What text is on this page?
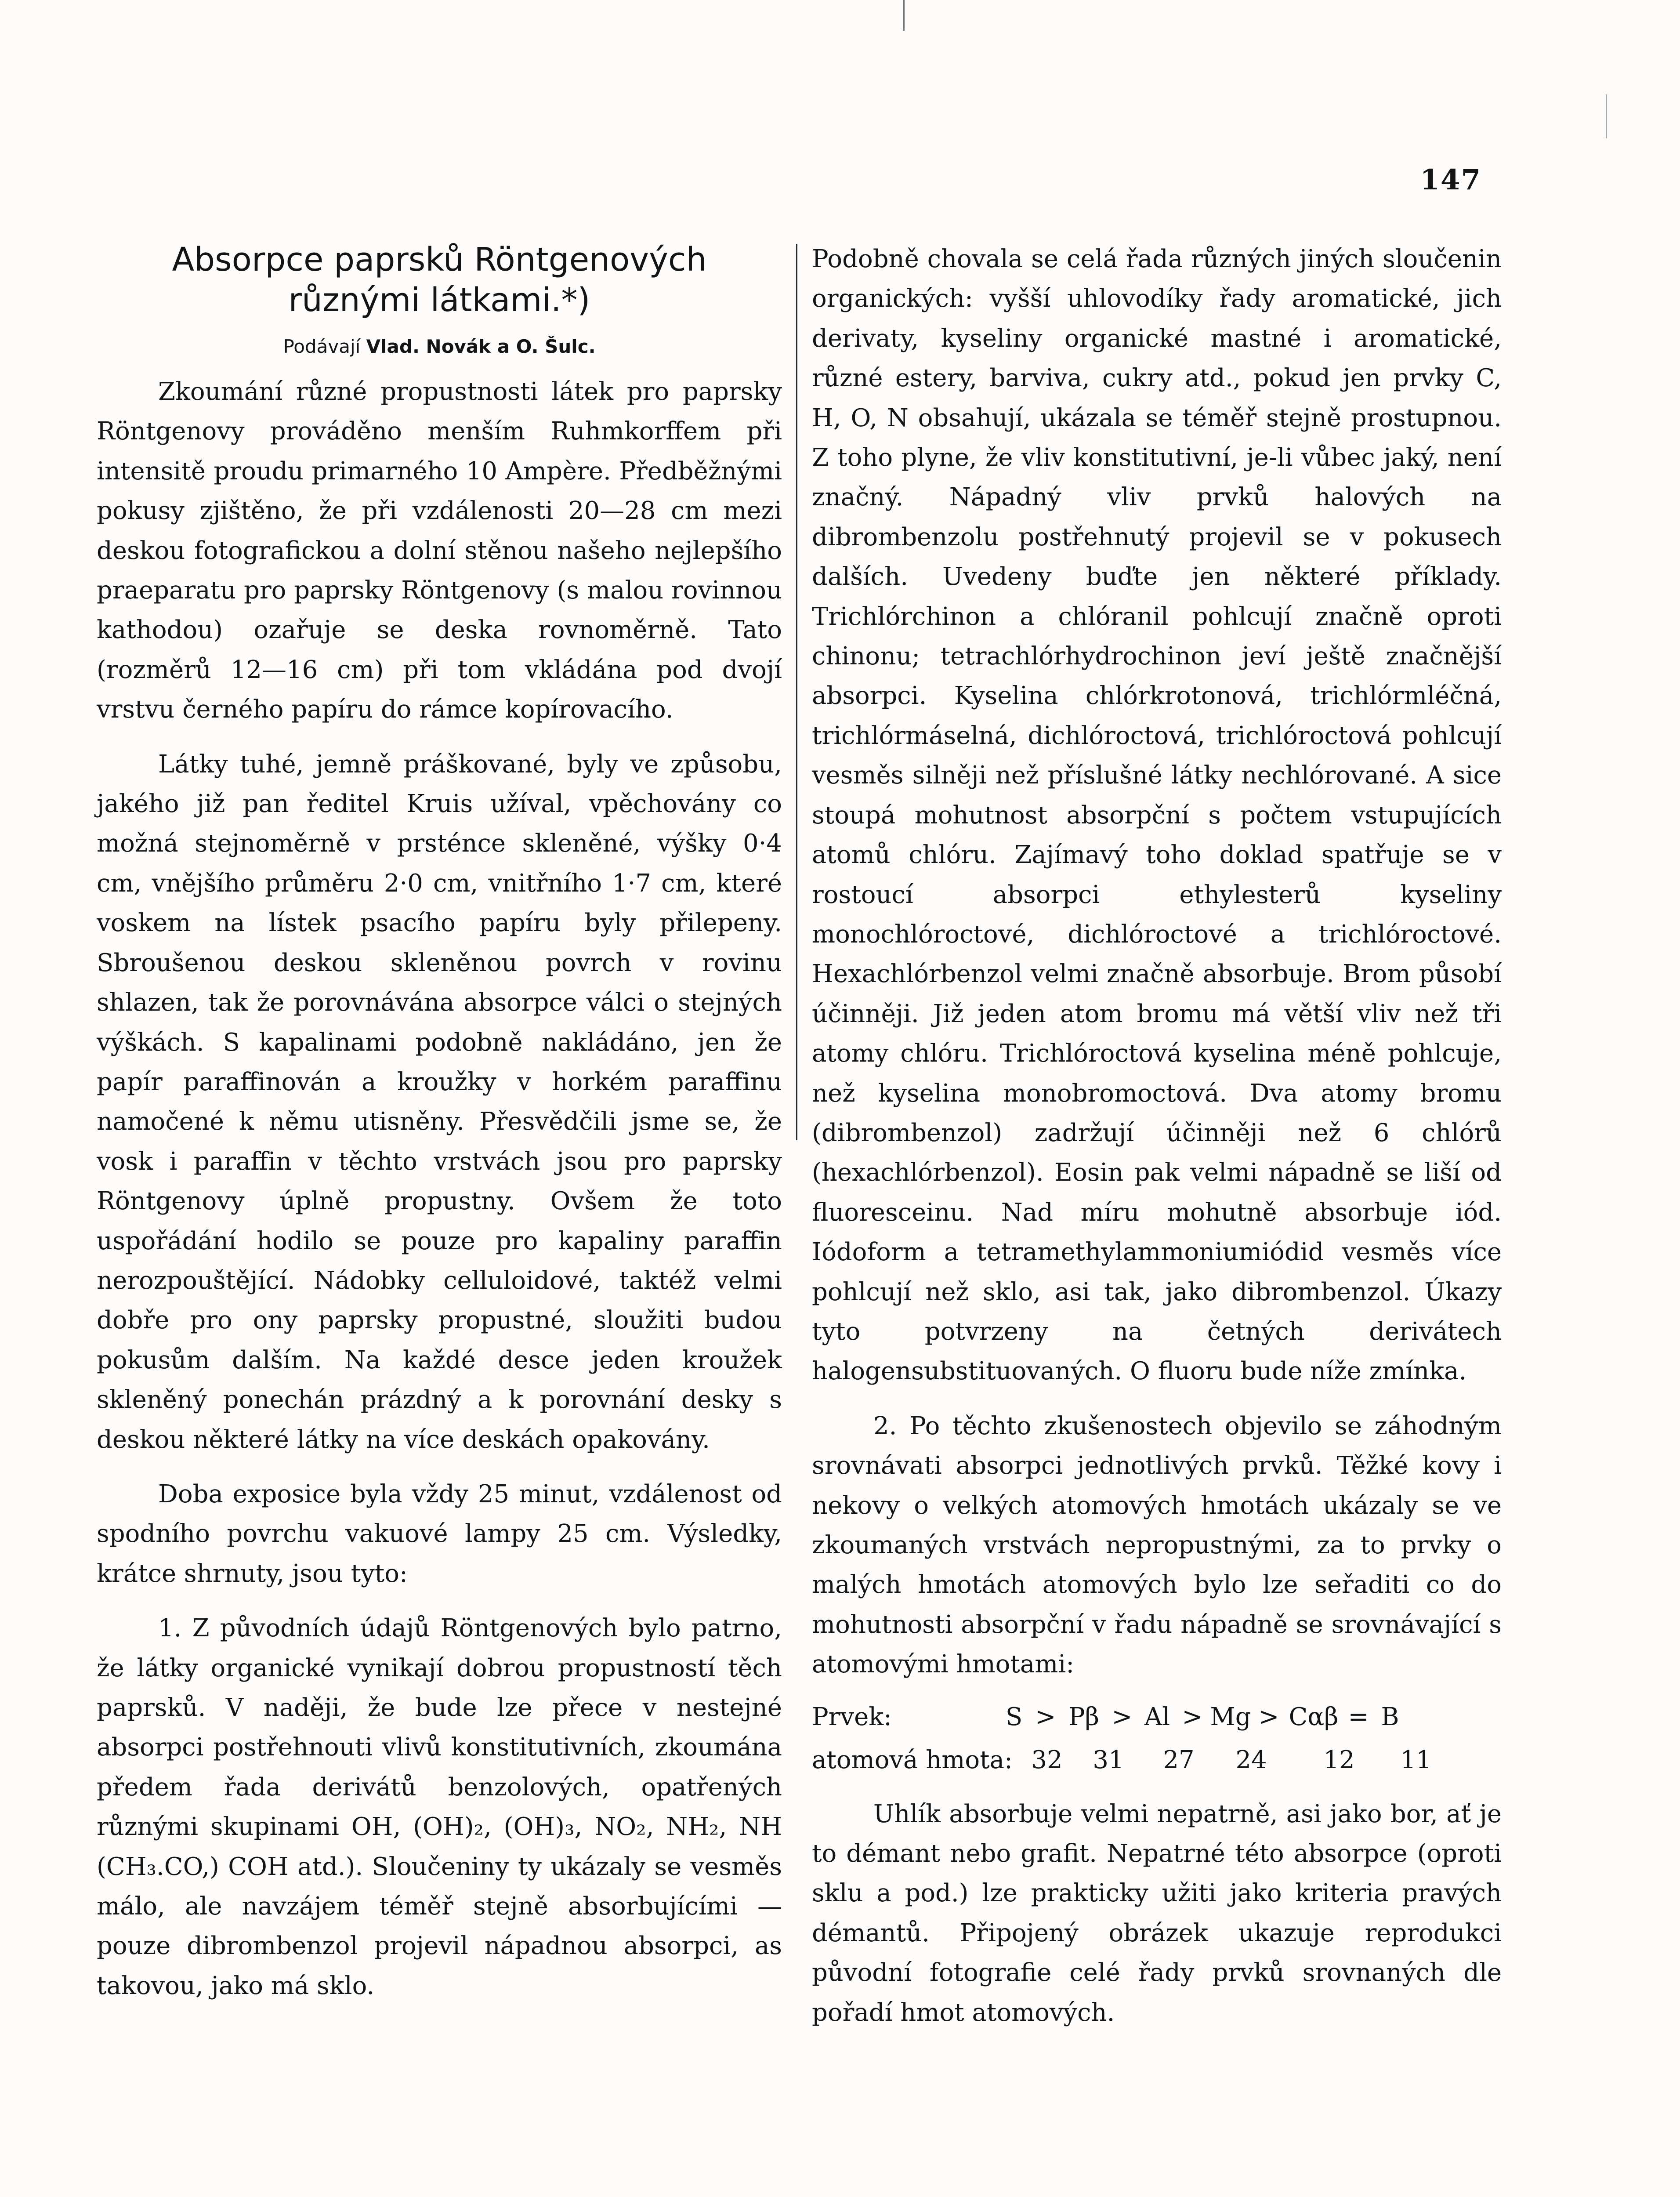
147
Absorpce paprsků Röntgenových
různými látkami.*)
Podávají Vlad. Novák a O. Šulc.

Zkoumání různé propustnosti látek pro paprsky Röntgenovy prováděno menším Ruhmkorffem při intensitě proudu primarného 10 Ampère. Předběžnými pokusy zjištěno, že při vzdálenosti 20—28 cm mezi deskou fotografickou a dolní stěnou našeho nejlepšího praeparatu pro paprsky Röntgenovy (s malou rovinnou kathodou) ozařuje se deska rovnoměrně. Tato (rozměrů 12—16 cm) při tom vkládána pod dvojí vrstvu černého papíru do rámce kopírovacího.

Látky tuhé, jemně práškované, byly ve způsobu, jakého již pan ředitel Kruis užíval, vpěchovány co možná stejnoměrně v prsténce skleněné, výšky 0·4 cm, vnějšího průměru 2·0 cm, vnitřního 1·7 cm, které voskem na lístek psacího papíru byly přilepeny. Sbroušenou deskou skleněnou povrch v rovinu shlazen, tak že porovnávána absorpce válci o stejných výškách. S kapalinami podobně nakládáno, jen že papír paraffinován a kroužky v horkém paraffinu namočené k němu utisněny. Přesvědčili jsme se, že vosk i paraffin v těchto vrstvách jsou pro paprsky Röntgenovy úplně propustny. Ovšem že toto uspořádání hodilo se pouze pro kapaliny paraffin nerozpouštějící. Nádobky celluloidové, taktéž velmi dobře pro ony paprsky propustné, sloužiti budou pokusům dalším. Na každé desce jeden kroužek skleněný ponechán prázdný a k porovnání desky s deskou některé látky na více deskách opakovány.

Doba exposice byla vždy 25 minut, vzdálenost od spodního povrchu vakuové lampy 25 cm. Výsledky, krátce shrnuty, jsou tyto:

1. Z původních údajů Röntgenových bylo patrno, že látky organické vynikají dobrou propustností těch paprsků. V naději, že bude lze přece v nestejné absorpci postřehnouti vlivů konstitutivních, zkoumána předem řada derivátů benzolových, opatřených různými skupinami OH, (OH)₂, (OH)₃, NO₂, NH₂, NH (CH₃.CO,) COH atd.). Sloučeniny ty ukázaly se vesměs málo, ale navzájem téměř stejně absorbujícími — pouze dibrombenzol projevil nápadnou absorpci, as takovou, jako má sklo.

Podobně chovala se celá řada různých jiných sloučenin organických: vyšší uhlovodíky řady aromatické, jich derivaty, kyseliny organické mastné i aromatické, různé estery, barviva, cukry atd., pokud jen prvky C, H, O, N obsahují, ukázala se téměř stejně prostupnou. Z toho plyne, že vliv konstitutivní, je-li vůbec jaký, není značný. Nápadný vliv prvků halových na dibrombenzolu postřehnutý projevil se v pokusech dalších. Uvedeny buďte jen některé příklady. Trichlórchinon a chlóranil pohlcují značně oproti chinonu; tetrachlórhydrochinon jeví ještě značnější absorpci. Kyselina chlórkrotonová, trichlórmléčná, trichlórmáselná, dichlóroctová, trichlóroctová pohlcují vesměs silněji než příslušné látky nechlórované. A sice stoupá mohutnost absorpční s počtem vstupujících atomů chlóru. Zajímavý toho doklad spatřuje se v rostoucí absorpci ethylesterů kyseliny monochlóroctové, dichlóroctové a trichlóroctové. Hexachlórbenzol velmi značně absorbuje. Brom působí účinněji. Již jeden atom bromu má větší vliv než tři atomy chlóru. Trichlóroctová kyselina méně pohlcuje, než kyselina monobromoctová. Dva atomy bromu (dibrombenzol) zadržují účinněji než 6 chlórů (hexachlórbenzol). Eosin pak velmi nápadně se liší od fluoresceinu. Nad míru mohutně absorbuje iód. Iódoform a tetramethylammoniumiódid vesměs více pohlcují než sklo, asi tak, jako dibrombenzol. Úkazy tyto potvrzeny na četných derivátech halogensubstituovaných. O fluoru bude níže zmínka.

2. Po těchto zkušenostech objevilo se záhodným srovnávati absorpci jednotlivých prvků. Těžké kovy i nekovy o velkých atomových hmotách ukázaly se ve zkoumaných vrstvách nepropustnými, za to prvky o malých hmotách atomových bylo lze seřaditi co do mohutnosti absorpční v řadu nápadně se srovnávající s atomovými hmotami:

Prvek:	S > Pβ > Al > Mg > Cαβ = B
atomová hmota: 32	31	27	24	12	11

Uhlík absorbuje velmi nepatrně, asi jako bor, ať je to démant nebo grafit. Nepatrné této absorpce (oproti sklu a pod.) lze prakticky užiti jako kriteria pravých démantů. Připojený obrázek ukazuje reprodukci původní fotografie celé řady prvků srovnaných dle pořadí hmot atomových.
